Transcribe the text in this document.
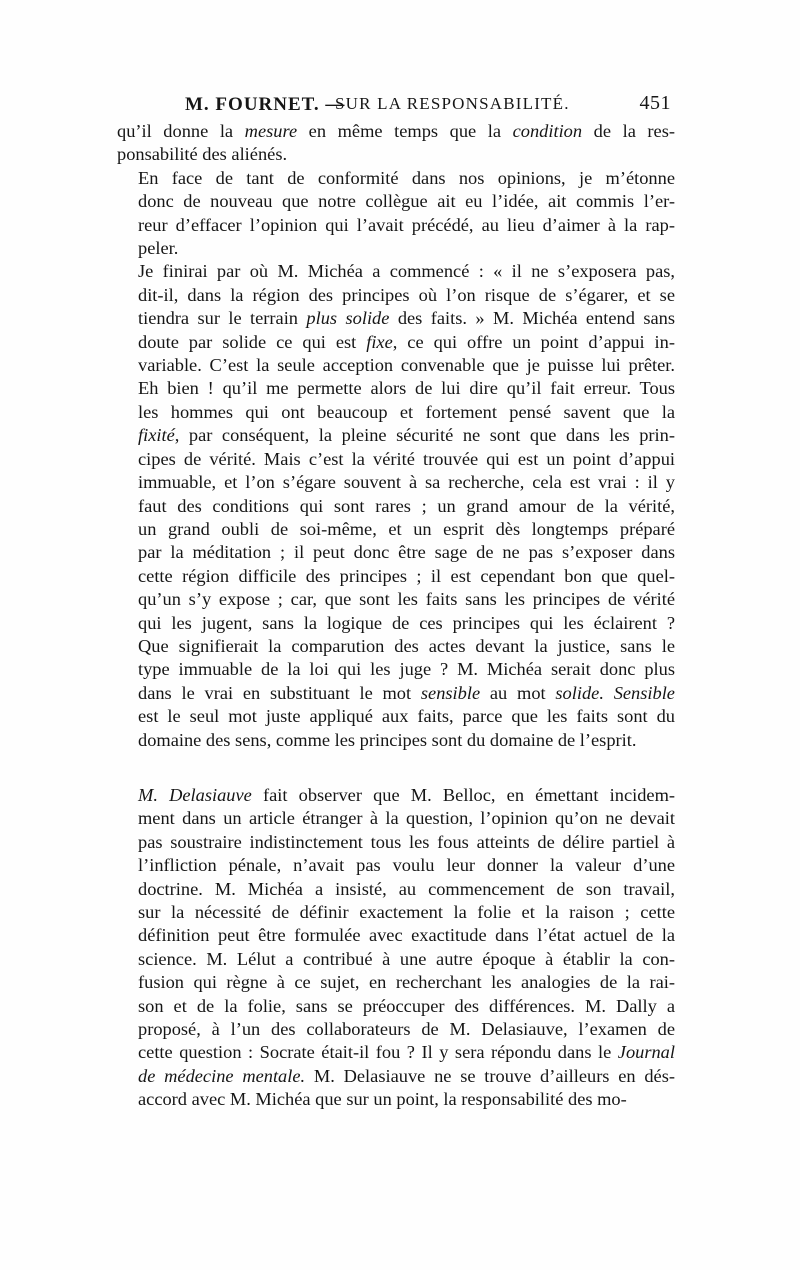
M. FOURNET. —
SUR LA RESPONSABILITÉ.	451

qu’il donne la mesure en même temps que la condition de la res-
ponsabilité des aliénés.

En face de tant de conformité dans nos opinions, je m’étonne
donc de nouveau que notre collègue ait eu l’idée, ait commis l’er-
reur d’effacer l’opinion qui l’avait précédé, au lieu d’aimer à la rap-
peler.

Je finirai par où M. Michéa a commencé : « il ne s’exposera pas,
dit-il, dans la région des principes où l’on risque de s’égarer, et se
tiendra sur le terrain plus solide des faits. » M. Michéa entend sans
doute par solide ce qui est fixe, ce qui offre un point d’appui in-
variable. C’est la seule acception convenable que je puisse lui prêter.
Eh bien ! qu’il me permette alors de lui dire qu’il fait erreur. Tous
les hommes qui ont beaucoup et fortement pensé savent que la
fixité, par conséquent, la pleine sécurité ne sont que dans les prin-
cipes de vérité. Mais c’est la vérité trouvée qui est un point d’appui
immuable, et l’on s’égare souvent à sa recherche, cela est vrai : il y
faut des conditions qui sont rares ; un grand amour de la vérité,
un grand oubli de soi-même, et un esprit dès longtemps préparé
par la méditation ; il peut donc être sage de ne pas s’exposer dans
cette région difficile des principes ; il est cependant bon que quel-
qu’un s’y expose ; car, que sont les faits sans les principes de vérité
qui les jugent, sans la logique de ces principes qui les éclairent ?
Que signifierait la comparution des actes devant la justice, sans le
type immuable de la loi qui les juge ? M. Michéa serait donc plus
dans le vrai en substituant le mot sensible au mot solide. Sensible
est le seul mot juste appliqué aux faits, parce que les faits sont du
domaine des sens, comme les principes sont du domaine de l’esprit.

M. Delasiauve fait observer que M. Belloc, en émettant incidem-
ment dans un article étranger à la question, l’opinion qu’on ne devait
pas soustraire indistinctement tous les fous atteints de délire partiel à
l’infliction pénale, n’avait pas voulu leur donner la valeur d’une
doctrine. M. Michéa a insisté, au commencement de son travail,
sur la nécessité de définir exactement la folie et la raison ; cette
définition peut être formulée avec exactitude dans l’état actuel de la
science. M. Lélut a contribué à une autre époque à établir la con-
fusion qui règne à ce sujet, en recherchant les analogies de la rai-
son et de la folie, sans se préoccuper des différences. M. Dally a
proposé, à l’un des collaborateurs de M. Delasiauve, l’examen de
cette question : Socrate était-il fou ? Il y sera répondu dans le Journal
de médecine mentale. M. Delasiauve ne se trouve d’ailleurs en dés-
accord avec M. Michéa que sur un point, la responsabilité des mo-
